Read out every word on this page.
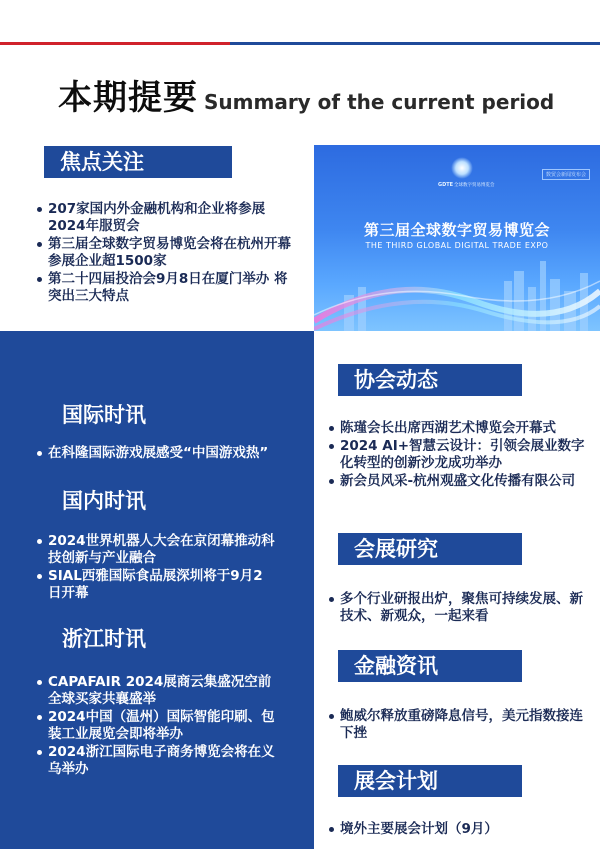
本期提要 Summary of the current period
焦点关注
207家国内外金融机构和企业将参展2024年服贸会
第三届全球数字贸易博览会将在杭州开幕 参展企业超1500家
第二十四届投洽会9月8日在厦门举办 将突出三大特点
数贸会新闻发布会
GDTE 全球数字贸易博览会
第三届全球数字贸易博览会
THE THIRD GLOBAL DIGITAL TRADE EXPO
国际时讯
在科隆国际游戏展感受“中国游戏热”
国内时讯
2024世界机器人大会在京闭幕推动科技创新与产业融合
SIAL西雅国际食品展深圳将于9月2日开幕
浙江时讯
CAPAFAIR 2024展商云集盛况空前 全球买家共襄盛举
2024中国（温州）国际智能印刷、包装工业展览会即将举办
2024浙江国际电子商务博览会将在义乌举办
协会动态
陈瑾会长出席西湖艺术博览会开幕式
2024 AI+智慧云设计：引领会展业数字化转型的创新沙龙成功举办
新会员风采-杭州观盛文化传播有限公司
会展研究
多个行业研报出炉，聚焦可持续发展、新技术、新观众，一起来看
金融资讯
鲍威尔释放重磅降息信号，美元指数接连下挫
展会计划
境外主要展会计划（9月）
